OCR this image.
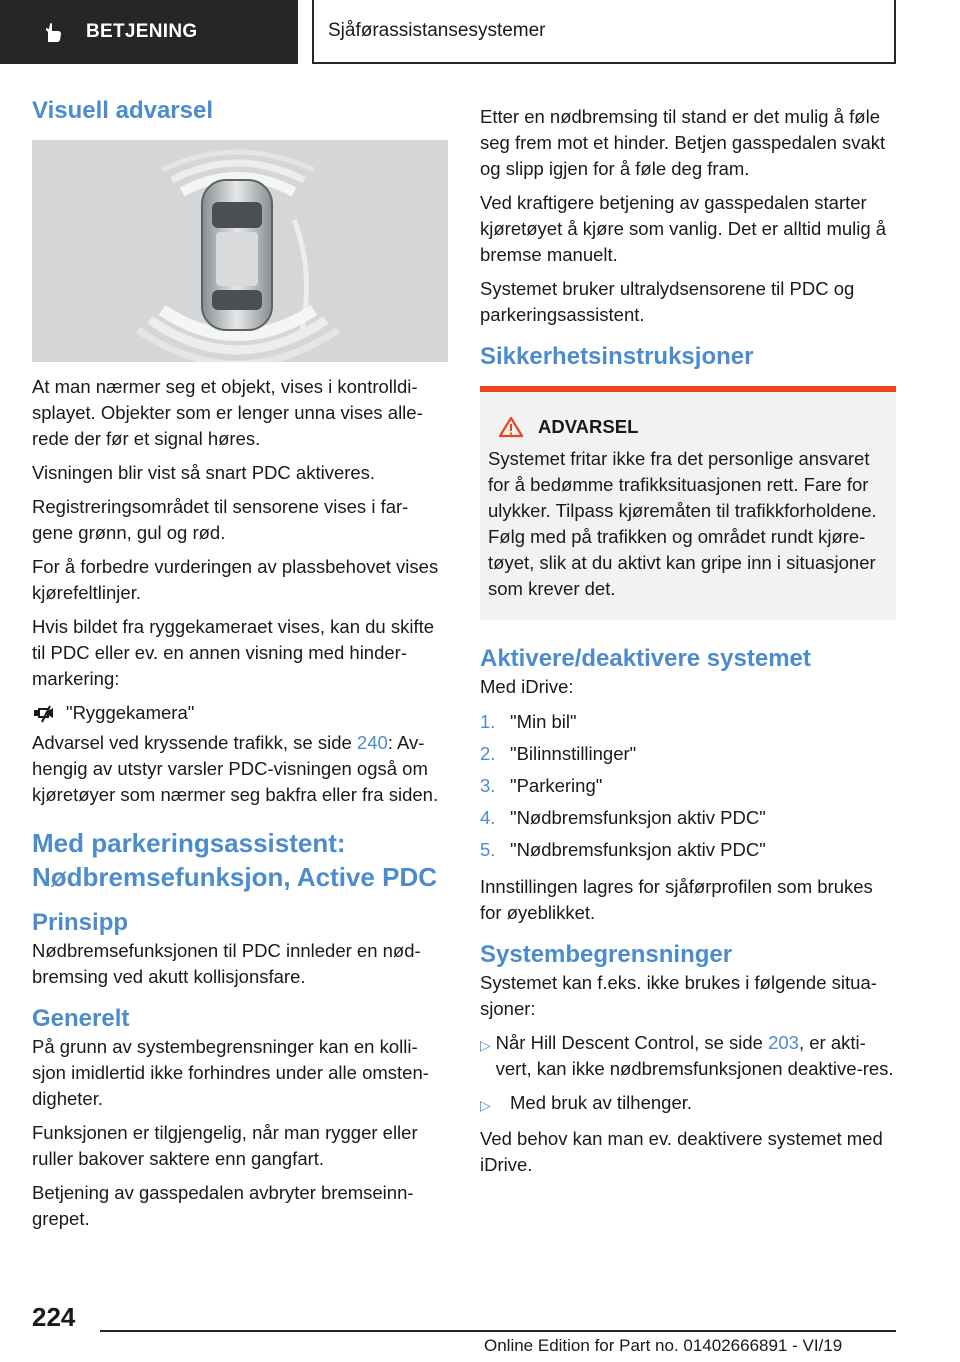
BETJENING	Sjåførassistansesystemer
Visuell advarsel

At man nærmer seg et objekt, vises i kontrolldi-splayet. Objekter som er lenger unna vises alle-rede der før et signal høres.

Visningen blir vist så snart PDC aktiveres.

Registreringsområdet til sensorene vises i far-gene grønn, gul og rød.

For å forbedre vurderingen av plassbehovet vises kjørefeltlinjer.

Hvis bildet fra ryggekameraet vises, kan du skifte til PDC eller ev. en annen visning med hinder-markering:

"Ryggekamera"

Advarsel ved kryssende trafikk, se side 240: Av-hengig av utstyr varsler PDC-visningen også om kjøretøyer som nærmer seg bakfra eller fra siden.

Med parkeringsassistent: Nødbremsefunksjon, Active PDC
Prinsipp

Nødbremsefunksjonen til PDC innleder en nød-bremsing ved akutt kollisjonsfare.

Generelt

På grunn av systembegrensninger kan en kolli-sjon imidlertid ikke forhindres under alle omsten-digheter.

Funksjonen er tilgjengelig, når man rygger eller ruller bakover saktere enn gangfart.

Betjening av gasspedalen avbryter bremseinn-grepet.

Etter en nødbremsing til stand er det mulig å føle seg frem mot et hinder. Betjen gasspedalen svakt og slipp igjen for å føle deg fram.

Ved kraftigere betjening av gasspedalen starter kjøretøyet å kjøre som vanlig. Det er alltid mulig å bremse manuelt.

Systemet bruker ultralydsensorene til PDC og parkeringsassistent.

Sikkerhetsinstruksjoner
ADVARSEL
Systemet fritar ikke fra det personlige ansvaret for å bedømme trafikksituasjonen rett. Fare for ulykker. Tilpass kjøremåten til trafikkforholdene. Følg med på trafikken og området rundt kjøre-tøyet, slik at du aktivt kan gripe inn i situasjoner som krever det.
Aktivere/deaktivere systemet

Med iDrive:

1. "Min bil"
2. "Bilinnstillinger"
3. "Parkering"
4. "Nødbremsfunksjon aktiv PDC"
5. "Nødbremsfunksjon aktiv PDC"

Innstillingen lagres for sjåførprofilen som brukes for øyeblikket.

Systembegrensninger

Systemet kan f.eks. ikke brukes i følgende situa-sjoner:

▷ Når Hill Descent Control, se side 203, er akti-vert, kan ikke nødbremsfunksjonen deaktive-res.
▷	Med bruk av tilhenger.

Ved behov kan man ev. deaktivere systemet med iDrive.

224
Online Edition for Part no. 01402666891 - VI/19
